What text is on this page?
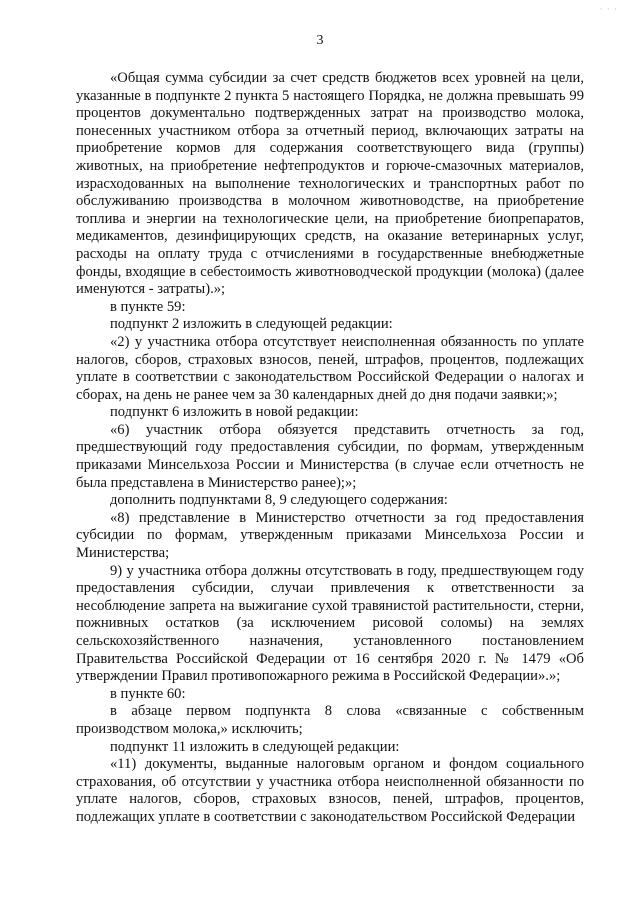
· · ·
3

«Общая сумма субсидии за счет средств бюджетов всех уровней на цели, указанные в подпункте 2 пункта 5 настоящего Порядка, не должна превышать 99 процентов документально подтвержденных затрат на производство молока, понесенных участником отбора за отчетный период, включающих затраты на приобретение кормов для содержания соответствующего вида (группы) животных, на приобретение нефтепродуктов и горюче-смазочных материалов, израсходованных на выполнение технологических и транспортных работ по обслуживанию производства в молочном животноводстве, на приобретение топлива и энергии на технологические цели, на приобретение биопрепаратов, медикаментов, дезинфицирующих средств, на оказание ветеринарных услуг, расходы на оплату труда с отчислениями в государственные внебюджетные фонды, входящие в себестоимость животноводческой продукции (молока) (далее именуются - затраты).»;

в пункте 59:

подпункт 2 изложить в следующей редакции:

«2) у участника отбора отсутствует неисполненная обязанность по уплате налогов, сборов, страховых взносов, пеней, штрафов, процентов, подлежащих уплате в соответствии с законодательством Российской Федерации о налогах и сборах, на день не ранее чем за 30 календарных дней до дня подачи заявки;»;

подпункт 6 изложить в новой редакции:

«6) участник отбора обязуется представить отчетность за год, предшествующий году предоставления субсидии, по формам, утвержденным приказами Минсельхоза России и Министерства (в случае если отчетность не была представлена в Министерство ранее);»;

дополнить подпунктами 8, 9 следующего содержания:

«8) представление в Министерство отчетности за год предоставления субсидии по формам, утвержденным приказами Минсельхоза России и Министерства;

9) у участника отбора должны отсутствовать в году, предшествующем году предоставления субсидии, случаи привлечения к ответственности за несоблюдение запрета на выжигание сухой травянистой растительности, стерни, пожнивных остатков (за исключением рисовой соломы) на землях сельскохозяйственного назначения, установленного постановлением Правительства Российской Федерации от 16 сентября 2020 г. № 1479 «Об утверждении Правил противопожарного режима в Российской Федерации».»;

в пункте 60:

в абзаце первом подпункта 8 слова «связанные с собственным производством молока,» исключить;

подпункт 11 изложить в следующей редакции:

«11) документы, выданные налоговым органом и фондом социального страхования, об отсутствии у участника отбора неисполненной обязанности по уплате налогов, сборов, страховых взносов, пеней, штрафов, процентов, подлежащих уплате в соответствии с законодательством Российской Федерации
